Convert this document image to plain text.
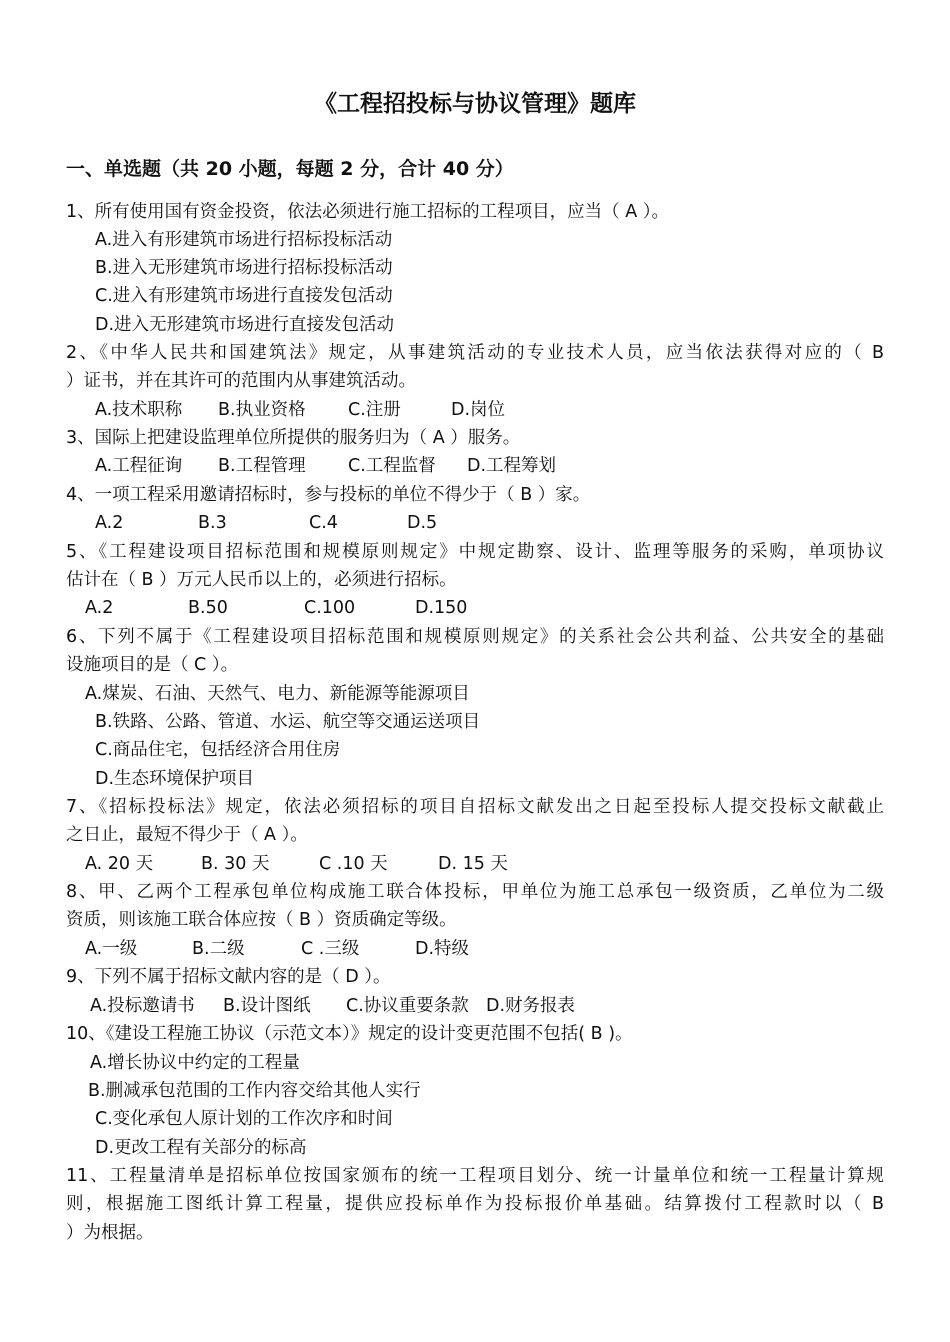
《工程招投标与协议管理》题库
一、单选题（共 20 小题，每题 2 分，合计 40 分）
1、所有使用国有资金投资，依法必须进行施工招标的工程项目，应当（ A ）。
A.进入有形建筑市场进行招标投标活动
B.进入无形建筑市场进行招标投标活动
C.进入有形建筑市场进行直接发包活动
D.进入无形建筑市场进行直接发包活动
2、《中华人民共和国建筑法》规定，从事建筑活动的专业技术人员，应当依法获得对应的（ B
）证书，并在其许可的范围内从事建筑活动。
A.技术职称 B.执业资格 C.注册	D.岗位
3、国际上把建设监理单位所提供的服务归为（ A ）服务。
A.工程征询 B.工程管理 C.工程监督 D.工程筹划
4、一项工程采用邀请招标时，参与投标的单位不得少于（ B ）家。
A.2	B.3	C.4	D.5
5、《工程建设项目招标范围和规模原则规定》中规定勘察、设计、监理等服务的采购，单项协议
估计在（ B ）万元人民币以上的，必须进行招标。
A.2	B.50	C.100	D.150
6、下列不属于《工程建设项目招标范围和规模原则规定》的关系社会公共利益、公共安全的基础
设施项目的是（ C ）。
A.煤炭、石油、天然气、电力、新能源等能源项目
B.铁路、公路、管道、水运、航空等交通运送项目
C.商品住宅，包括经济合用住房
D.生态环境保护项目
7、《招标投标法》规定，依法必须招标的项目自招标文献发出之日起至投标人提交投标文献截止
之日止，最短不得少于（ A ）。
A. 20 天	B. 30 天	C .10 天	D. 15 天
8、甲、乙两个工程承包单位构成施工联合体投标，甲单位为施工总承包一级资质，乙单位为二级
资质，则该施工联合体应按（ B ）资质确定等级。
A.一级	B.二级	C .三级	D.特级
9、下列不属于招标文献内容的是（ D ）。
A.投标邀请书 B.设计图纸 C.协议重要条款 D.财务报表
10、《建设工程施工协议（示范文本）》规定的设计变更范围不包括( B )。
A.增长协议中约定的工程量
B.删减承包范围的工作内容交给其他人实行
C.变化承包人原计划的工作次序和时间
D.更改工程有关部分的标高
11、工程量清单是招标单位按国家颁布的统一工程项目划分、统一计量单位和统一工程量计算规
则，根据施工图纸计算工程量，提供应投标单作为投标报价单基础。结算拨付工程款时以（ B
）为根据。
